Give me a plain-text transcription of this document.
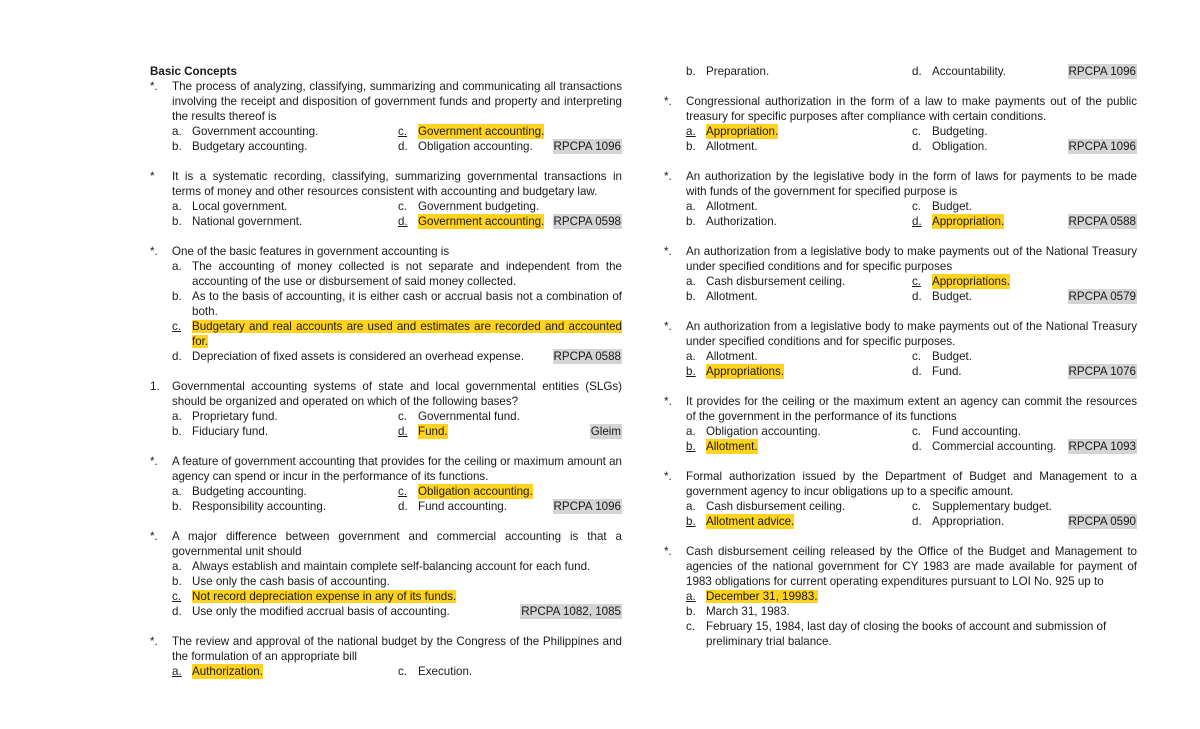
Basic Concepts
*. The process of analyzing, classifying, summarizing and communicating all transactions involving the receipt and disposition of government funds and property and interpreting the results thereof is
a. Government accounting.	c. Government accounting.
b. Budgetary accounting.	d. Obligation accounting. RPCPA 1096
* It is a systematic recording, classifying, summarizing governmental transactions in terms of money and other resources consistent with accounting and budgetary law.
a. Local government.	c. Government budgeting.
b. National government.	d. Government accounting. RPCPA 0598
*. One of the basic features in government accounting is
a. The accounting of money collected is not separate and independent from the accounting of the use or disbursement of said money collected.
b. As to the basis of accounting, it is either cash or accrual basis not a combination of both.
c. Budgetary and real accounts are used and estimates are recorded and accounted for.
d. Depreciation of fixed assets is considered an overhead expense.	RPCPA 0588
1. Governmental accounting systems of state and local governmental entities (SLGs) should be organized and operated on which of the following bases?
a. Proprietary fund.	c. Governmental fund.
b. Fiduciary fund.	d. Fund.	Gleim
*. A feature of government accounting that provides for the ceiling or maximum amount an agency can spend or incur in the performance of its functions.
a. Budgeting accounting.	c. Obligation accounting.
b. Responsibility accounting.	d. Fund accounting.	RPCPA 1096
*. A major difference between government and commercial accounting is that a governmental unit should
a. Always establish and maintain complete self-balancing account for each fund.
b. Use only the cash basis of accounting.
c. Not record depreciation expense in any of its funds.
d. Use only the modified accrual basis of accounting.	RPCPA 1082, 1085
*. The review and approval of the national budget by the Congress of the Philippines and the formulation of an appropriate bill
a. Authorization.	c. Execution.
b. Preparation.	d. Accountability.	RPCPA 1096
*. Congressional authorization in the form of a law to make payments out of the public treasury for specific purposes after compliance with certain conditions.
a. Appropriation.	c. Budgeting.
b. Allotment.	d. Obligation.	RPCPA 1096
*. An authorization by the legislative body in the form of laws for payments to be made with funds of the government for specified purpose is
a. Allotment.	c. Budget.
b. Authorization.	d. Appropriation.	RPCPA 0588
*. An authorization from a legislative body to make payments out of the National Treasury under specified conditions and for specific purposes
a. Cash disbursement ceiling.	c. Appropriations.
b. Allotment.	d. Budget.	RPCPA 0579
*. An authorization from a legislative body to make payments out of the National Treasury under specified conditions and for specific purposes.
a. Allotment.	c. Budget.
b. Appropriations.	d. Fund.	RPCPA 1076
*. It provides for the ceiling or the maximum extent an agency can commit the resources of the government in the performance of its functions
a. Obligation accounting.	c. Fund accounting.
b. Allotment.	d. Commercial accounting. RPCPA 1093
*. Formal authorization issued by the Department of Budget and Management to a government agency to incur obligations up to a specific amount.
a. Cash disbursement ceiling.	c. Supplementary budget.
b. Allotment advice.	d. Appropriation.	RPCPA 0590
*. Cash disbursement ceiling released by the Office of the Budget and Management to agencies of the national government for CY 1983 are made available for payment of 1983 obligations for current operating expenditures pursuant to LOI No. 925 up to
a. December 31, 19983.
b. March 31, 1983.
c. February 15, 1984, last day of closing the books of account and submission of preliminary trial balance.
